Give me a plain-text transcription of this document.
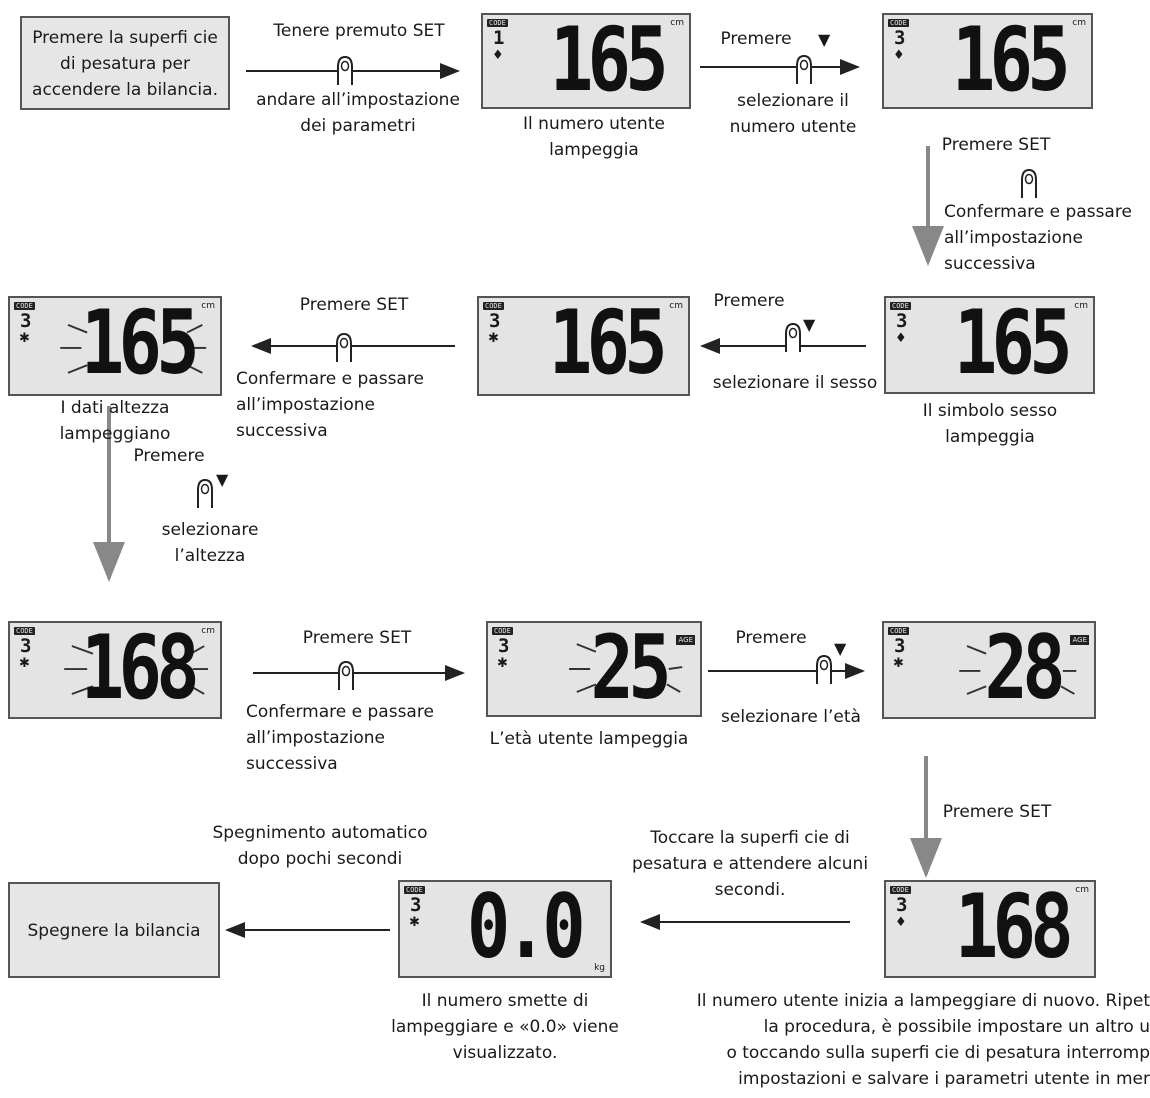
Premere la superfi cie
di pesatura per
accendere la bilancia.
Spegnere la bilancia
CODE
1
♦ 165 cm	CODE
3
♦ 165 cm
CODE
3
♦ 165 cm
CODE
3
✱ 165 cm
CODE
3
✱ 165 cm
CODE
3
✱ 168 cm	CODE
3
✱ 25 AGE
CODE
3
✱ 28 AGE
CODE
3
♦ 168 cm
CODE
3
✱ 0.0 kg
▼
▼
▼
▼
Tenere premuto SET
andare all’impostazione
dei parametri	Il numero utente
lampeggia
Premere
selezionare il
numero utente
Premere SET
Confermare e passare
all’impostazione
successiva
Il simbolo sesso
lampeggia
Premere
selezionare il sesso
Premere SET
Confermare e passare
all’impostazione
successiva
I dati altezza
lampeggiano
Premere
selezionare
l’altezza
Premere SET
Confermare e passare
all’impostazione
successiva
L’età utente lampeggia
Premere
selezionare l’età
Premere SET
Toccare la superfi cie di
pesatura e attendere alcuni
secondi.
Spegnimento automatico
dopo pochi secondi
Il numero smette di
lampeggiare e «0.0» viene
visualizzato.
Il numero utente inizia a lampeggiare di nuovo. Ripet
la procedura, è possibile impostare un altro u
o toccando sulla superfi cie di pesatura interromp
impostazioni e salvare i parametri utente in mer
